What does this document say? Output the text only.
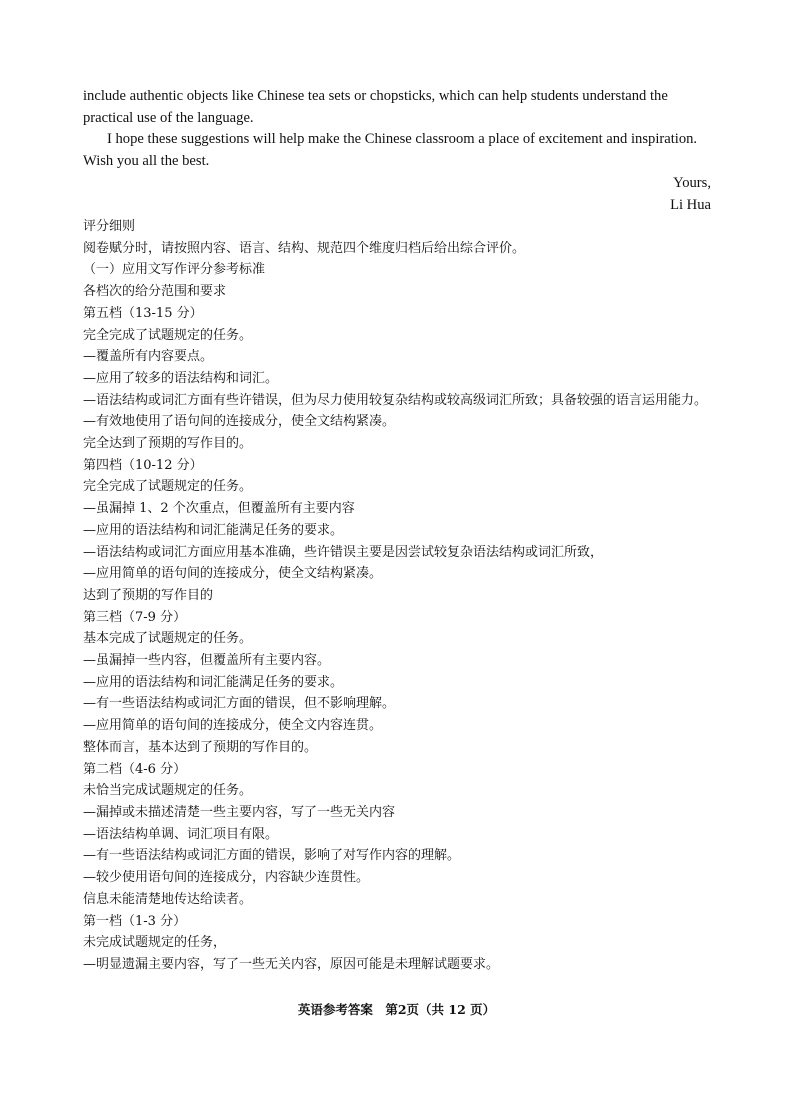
include authentic objects like Chinese tea sets or chopsticks, which can help students understand the practical use of the language.

I hope these suggestions will help make the Chinese classroom a place of excitement and inspiration. Wish you all the best.

Yours,
Li Hua
评分细则
阅卷赋分时，请按照内容、语言、结构、规范四个维度归档后给出综合评价。
（一）应用文写作评分参考标准
各档次的给分范围和要求
第五档（13-15 分）
完全完成了试题规定的任务。
—覆盖所有内容要点。
—应用了较多的语法结构和词汇。
—语法结构或词汇方面有些许错误，但为尽力使用较复杂结构或较高级词汇所致；具备较强的语言运用能力。
—有效地使用了语句间的连接成分，使全文结构紧凑。
完全达到了预期的写作目的。
第四档（10-12 分）
完全完成了试题规定的任务。
—虽漏掉 1、2 个次重点，但覆盖所有主要内容
—应用的语法结构和词汇能满足任务的要求。
—语法结构或词汇方面应用基本准确，些许错误主要是因尝试较复杂语法结构或词汇所致，
—应用简单的语句间的连接成分，使全文结构紧凑。
达到了预期的写作目的
第三档（7-9 分）
基本完成了试题规定的任务。
—虽漏掉一些内容，但覆盖所有主要内容。
—应用的语法结构和词汇能满足任务的要求。
—有一些语法结构或词汇方面的错误，但不影响理解。
—应用简单的语句间的连接成分，使全文内容连贯。
整体而言，基本达到了预期的写作目的。
第二档（4-6 分）
未恰当完成试题规定的任务。
—漏掉或未描述清楚一些主要内容，写了一些无关内容
—语法结构单调、词汇项目有限。
—有一些语法结构或词汇方面的错误，影响了对写作内容的理解。
—较少使用语句间的连接成分，内容缺少连贯性。
信息未能清楚地传达给读者。
第一档（1-3 分）
未完成试题规定的任务，
—明显遗漏主要内容，写了一些无关内容，原因可能是未理解试题要求。
英语参考答案　第2页（共 12 页）
